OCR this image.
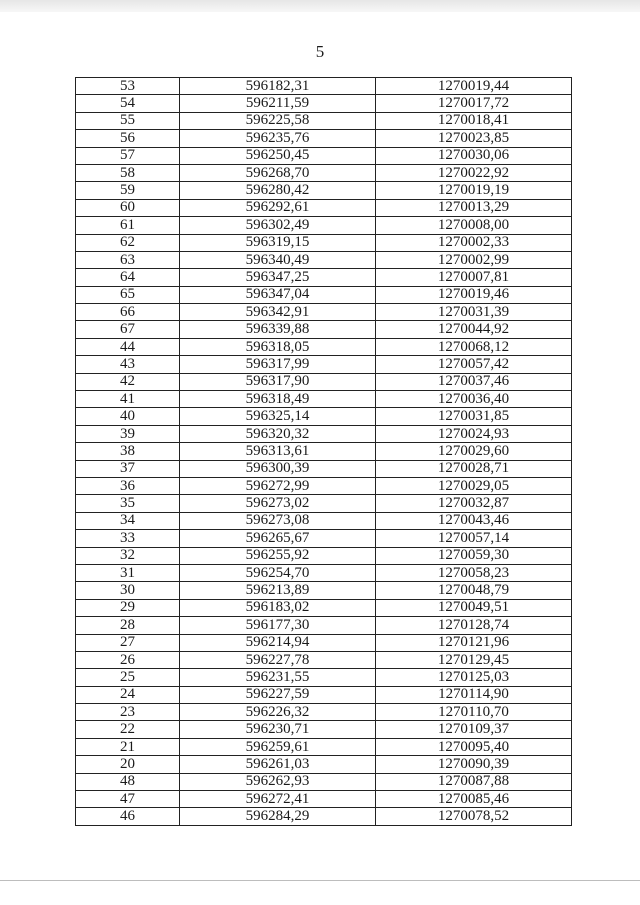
5
53	596182,31	1270019,44
54	596211,59	1270017,72
55	596225,58	1270018,41
56	596235,76	1270023,85
57	596250,45	1270030,06
58	596268,70	1270022,92
59	596280,42	1270019,19
60	596292,61	1270013,29
61	596302,49	1270008,00
62	596319,15	1270002,33
63	596340,49	1270002,99
64	596347,25	1270007,81
65	596347,04	1270019,46
66	596342,91	1270031,39
67	596339,88	1270044,92
44	596318,05	1270068,12
43	596317,99	1270057,42
42	596317,90	1270037,46
41	596318,49	1270036,40
40	596325,14	1270031,85
39	596320,32	1270024,93
38	596313,61	1270029,60
37	596300,39	1270028,71
36	596272,99	1270029,05
35	596273,02	1270032,87
34	596273,08	1270043,46
33	596265,67	1270057,14
32	596255,92	1270059,30
31	596254,70	1270058,23
30	596213,89	1270048,79
29	596183,02	1270049,51
28	596177,30	1270128,74
27	596214,94	1270121,96
26	596227,78	1270129,45
25	596231,55	1270125,03
24	596227,59	1270114,90
23	596226,32	1270110,70
22	596230,71	1270109,37
21	596259,61	1270095,40
20	596261,03	1270090,39
48	596262,93	1270087,88
47	596272,41	1270085,46
46	596284,29	1270078,52
